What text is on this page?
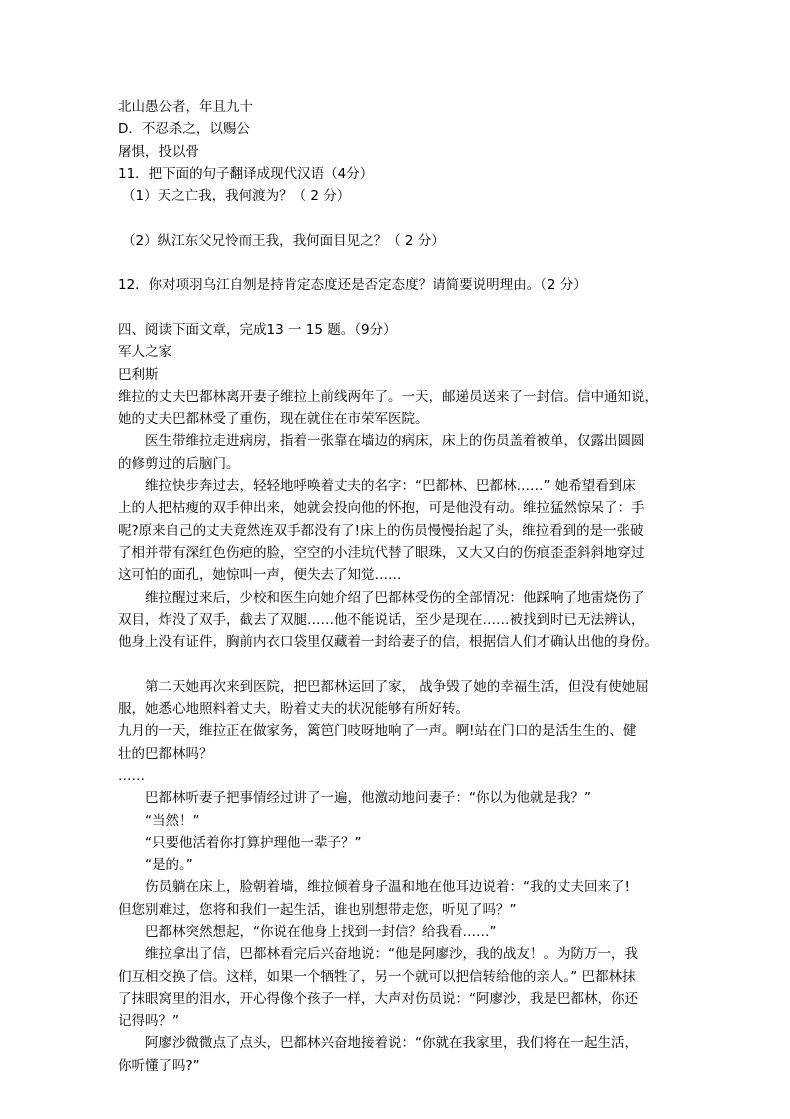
北山愚公者，年且九十
D．不忍杀之，以赐公
屠惧，投以骨
11．把下面的句子翻译成现代汉语（4分）
（1）天之亡我，我何渡为？（ 2 分）
（2）纵江东父兄怜而王我，我何面目见之？（ 2 分）
12．你对项羽乌江自刎是持肯定态度还是否定态度？请简要说明理由。（2 分）
四、阅读下面文章，完成13 一 15 题。（9分）
军人之家
巴利斯
维拉的丈夫巴都林离开妻子维拉上前线两年了。一天，邮递员送来了一封信。信中通知说，
她的丈夫巴都林受了重伤，现在就住在市荣军医院。
医生带维拉走进病房，指着一张靠在墙边的病床，床上的伤员盖着被单，仅露出圆圆
的修剪过的后脑门。
维拉快步奔过去，轻轻地呼唤着丈夫的名字：“巴都林、巴都林……” 她希望看到床
上的人把枯瘦的双手伸出来，她就会投向他的怀抱，可是他没有动。维拉猛然惊呆了：手
呢?原来自己的丈夫竟然连双手都没有了!床上的伤员慢慢抬起了头，维拉看到的是一张破
了相并带有深红色伤疤的脸，空空的小洼坑代替了眼珠，又大又白的伤痕歪歪斜斜地穿过
这可怕的面孔，她惊叫一声，便失去了知觉……
维拉醒过来后，少校和医生向她介绍了巴都林受伤的全部情况：他踩响了地雷烧伤了
双目，炸没了双手，截去了双腿……他不能说话，至少是现在……被找到时已无法辨认，
他身上没有证件，胸前内衣口袋里仅藏着一封给妻子的信，根据信人们才确认出他的身份。
第二天她再次来到医院，把巴都林运回了家， 战争毁了她的幸福生活，但没有使她屈
服，她悉心地照料着丈夫，盼着丈夫的状况能够有所好转。
九月的一天，维拉正在做家务，篱笆门吱呀地响了一声。啊!站在门口的是活生生的、健
壮的巴都林吗？
……
巴都林听妻子把事情经过讲了一遍，他激动地问妻子：“你以为他就是我？”
“当然！”
“只要他活着你打算护理他一辈子？”
“是的。”
伤员躺在床上，脸朝着墙，维拉倾着身子温和地在他耳边说着：“我的丈夫回来了!
但您别难过，您将和我们一起生活，谁也别想带走您，听见了吗？”
巴都林突然想起，“你说在他身上找到一封信？给我看……”
维拉拿出了信，巴都林看完后兴奋地说：“他是阿廖沙，我的战友！。为防万一，我
们互相交换了信。这样，如果一个牺牲了，另一个就可以把信转给他的亲人。” 巴都林抹
了抹眼窝里的泪水，开心得像个孩子一样，大声对伤员说：“阿廖沙，我是巴都林，你还
记得吗？”
阿廖沙微微点了点头，巴都林兴奋地接着说：“你就在我家里，我们将在一起生活，
你听懂了吗?”
